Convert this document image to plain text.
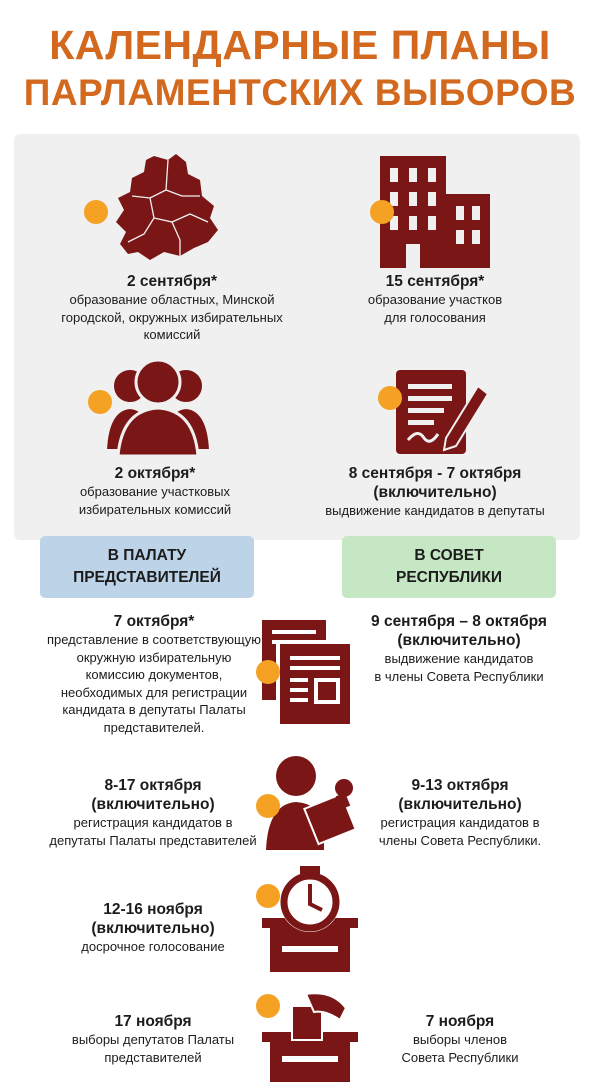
КАЛЕНДАРНЫЕ ПЛАНЫ
ПАРЛАМЕНТСКИХ ВЫБОРОВ
2 сентября*
образование областных, Минской
городской, окружных избирательных
комиссий
15 сентября*
образование участков
для голосования
2 октября*
образование участковых
избирательных комиссий
8 сентября - 7 октября
(включительно)
выдвижение кандидатов в депутаты
В ПАЛАТУ
ПРЕДСТАВИТЕЛЕЙ
В СОВЕТ
РЕСПУБЛИКИ
7 октября*
представление в соответствующую
окружную избирательную
комиссию документов,
необходимых для регистрации
кандидата в депутаты Палаты
представителей.
9 сентября – 8 октября
(включительно)
выдвижение кандидатов
в члены Совета Республики
8-17 октября
(включительно)
регистрация кандидатов в
депутаты Палаты представителей
9-13 октября
(включительно)
регистрация кандидатов в
члены Совета Республики.
12-16 ноября
(включительно)
досрочное голосование
17 ноября
выборы депутатов Палаты
представителей
7 ноября
выборы членов
Совета Республики
